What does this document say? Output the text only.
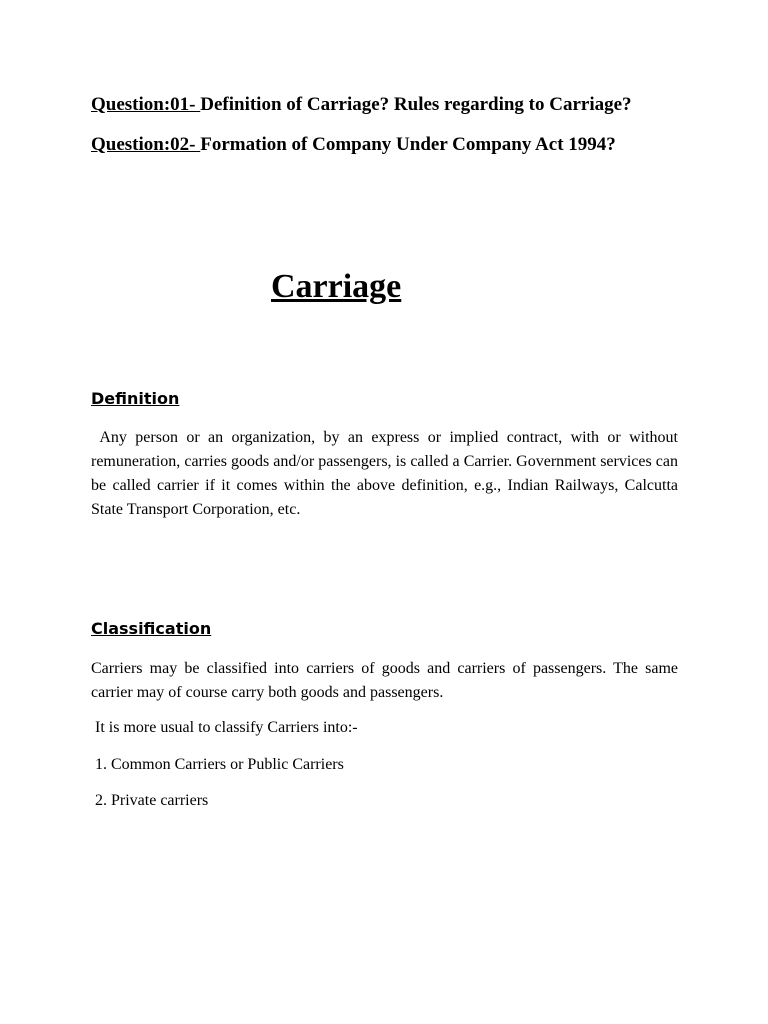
Question:01- Definition of Carriage? Rules regarding to Carriage?
Question:02- Formation of Company Under Company Act 1994?
Carriage
Definition

Any person or an organization, by an express or implied contract, with or without remuneration, carries goods and/or passengers, is called a Carrier. Government services can be called carrier if it comes within the above definition, e.g., Indian Railways, Calcutta State Transport Corporation, etc.

Classification

Carriers may be classified into carriers of goods and carriers of passengers. The same carrier may of course carry both goods and passengers.

It is more usual to classify Carriers into:-

1. Common Carriers or Public Carriers

2. Private carriers
